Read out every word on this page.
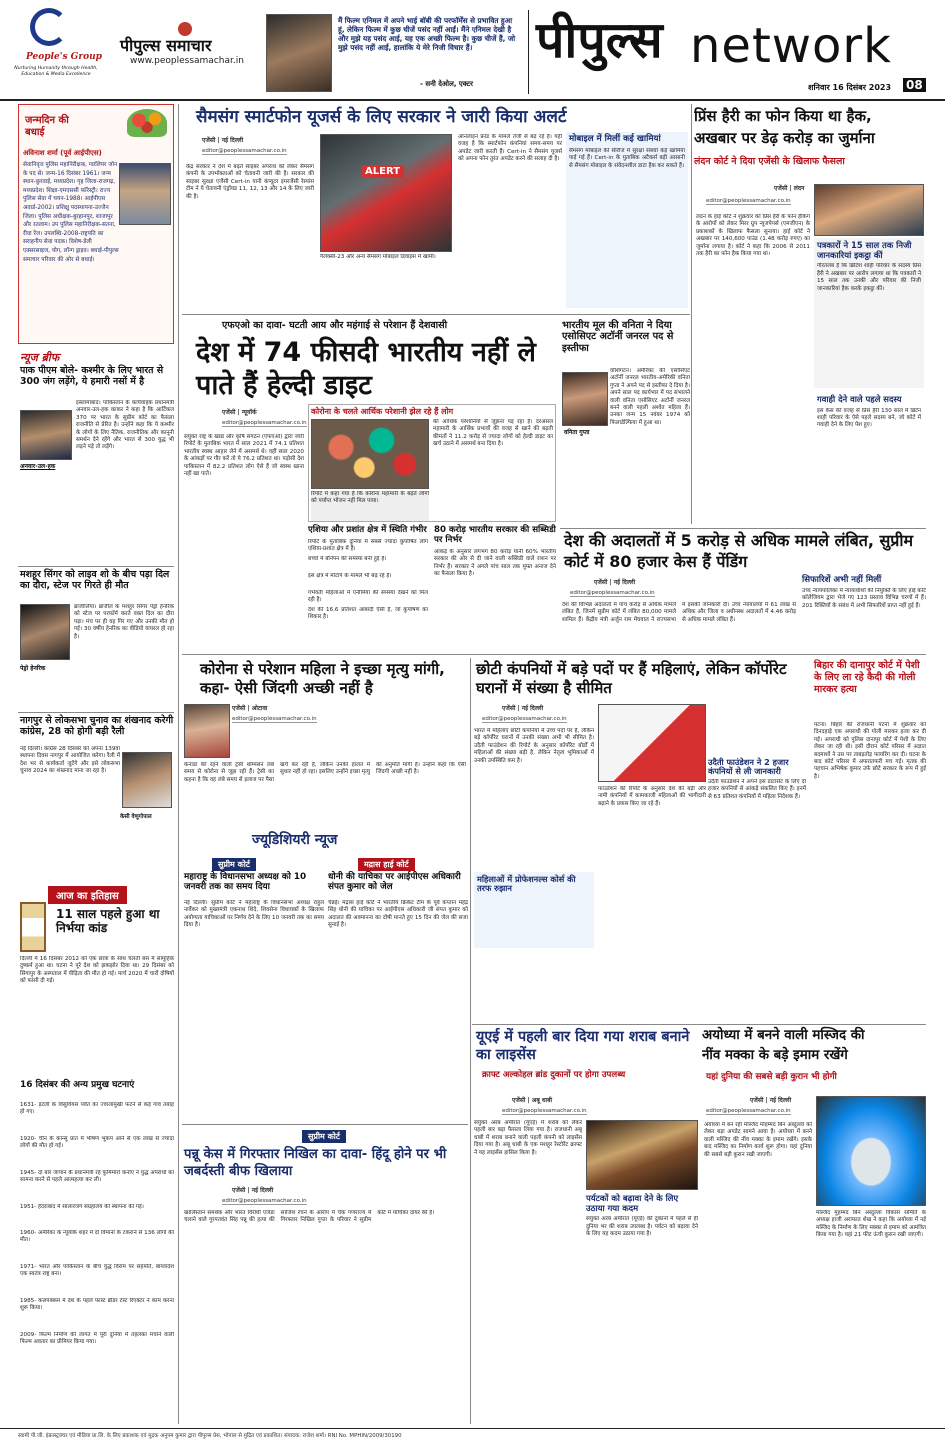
People's Group
Nurturing Humanity through Health, Education & Media Excellence
पीपुल्स समाचार
www.peoplessamachar.in
मैं फिल्म एनिमल में अपने भाई बॉबी की परफॉर्मेंस से प्रभावित हुआ हूं, लेकिन फिल्म में कुछ चीजें पसंद नहीं आईं। मैंने एनिमल देखी है और मुझे यह पसंद आई, यह एक अच्छी फिल्म है। कुछ चीजें हैं, जो मुझे पसंद नहीं आईं, हालांकि ये मेरे निजी विचार हैं।
- सनी देओल, एक्टर
पीपुल्स network
शनिवार 16 दिसंबर 2023 08
जन्मदिन की बधाई
अविनाश शर्मा (पूर्व आईपीएस)
सेवानिवृत्त पुलिस महानिरीक्षक, ग्वालियर जोन के पद से। जन्म-16 दिसंबर 1961। जन्म स्थान-कुरवाई, मध्यप्रदेश। गृह जिला-राजगढ़, मध्यप्रदेश। शिक्षा-एमएससी फॉरेस्ट्री। राज्य पुलिस सेवा में चयन-1988। आईपीएस अवार्ड-2002। प्रशिक्षु पदस्थापना-उज्जैन जिला। पुलिस अधीक्षक-बुरहानपुर, शाजापुर और रतलाम। उप पुलिस महानिरीक्षक-सतना, रीवा रेंज। उपलब्धि-2008-राष्ट्रपति का सराहनीय सेवा पदक। विशेष-डेली एक्सरसाइज, योग, लॉन्ग ड्राइव। बधाई-पीपुल्स समाचार परिवार की ओर से बधाई।
न्यूज ब्रीफ
पाक पीएम बोले- कश्मीर के लिए भारत से 300 जंग लड़ेंगे, ये हमारी नसों में है
इस्लामाबाद। पाकिस्तान के कार्यवाहक प्रधानमंत्री अनवार-उल-हक काकर ने कहा है कि आर्टिकल 370 पर भारत के सुप्रीम कोर्ट का फैसला राजनीति से प्रेरित है। उन्होंने कहा कि ये कश्मीर के लोगों के लिए नैतिक, राजनीतिक और कानूनी समर्थन देने रहेंगे और भारत से 300 युद्ध भी लड़ने पड़े तो लड़ेंगे।
अनवार-उल-हक
मशहूर सिंगर को लाइव शो के बीच पड़ा दिल का दौरा, स्टेज पर गिरते ही मौत
पेड्रो हेनरिक
ब्राजीलिया। ब्राजील के मशहूर सिंगर पेड्रो हेनरिक को स्टेज पर परफॉर्म करते वक्त दिल का दौरा पड़ा। मंच पर ही वह गिर गए और उनकी मौत हो गई। 30 वर्षीय हेनरिक का वीडियो वायरल हो रहा है।
नागपुर से लोकसभा चुनाव का शंखनाद करेगी कांग्रेस, 28 को होगी बड़ी रैली
नई दिल्ली। कांग्रेस 28 दिसंबर को अपना 139वां स्थापना दिवस नागपुर में आयोजित करेगा। रैली में देश भर से कार्यकर्ता जुटेंगे और इसे लोकसभा चुनाव 2024 का शंखनाद माना जा रहा है।
केसी वेणुगोपाल
आज का इतिहास
11 साल पहले हुआ था निर्भया कांड
दिल्ली में 16 दिसंबर 2012 को एक छात्रा के साथ चलती बस में सामूहिक दुष्कर्म हुआ था। घटना ने पूरे देश को झकझोर दिया था। 29 दिसंबर को सिंगापुर के अस्पताल में पीड़िता की मौत हो गई। मार्च 2020 में चारों दोषियों को फांसी दी गई।
16 दिसंबर की अन्य प्रमुख घटनाएं
1631- इटली के विसुवियस पर्वत का ज्वालामुखी फटने से कई गांव तबाह हो गए।
1920- चीन के कान्सु प्रांत में भीषण भूकंप आने से एक लाख से ज्यादा लोगों की मौत हो गई।
1945- दो बार जापान के प्रधानमंत्री रहे फुमिमारो कनोए ने युद्ध अपराधों का सामना करने से पहले आत्महत्या कर ली।
1951- हैदराबाद में सालारजंग संग्रहालय की स्थापना की गई।
1960- अमेरिका के न्यूयॉर्क शहर में दो विमानों के टकराने से 136 लोगों की मौत।
1971- भारत और पाकिस्तान के बीच युद्ध विराम पर सहमति, बांग्लादेश एक स्वतंत्र राष्ट्र बना।
1985- कलपक्कम में देश के पहले फास्ट ब्रीडर टेस्ट रिएक्टर ने काम करना शुरू किया।
2009- फिल्म निर्माण की लागत में पूरी दुनिया में तहलका मचाने वाली फिल्म अवतार का प्रीमियर किया गया।
सैमसंग स्मार्टफोन यूजर्स के लिए सरकार ने जारी किया अलर्ट
एजेंसी | नई दिल्ली
editor@peoplessamachar.co.in
केंद्र सरकार ने देश में बढ़ते साइबर अपराध को लेकर सैमसंग कंपनी के उपभोक्ताओं को चेतावनी जारी की है। सरकार की साइबर सुरक्षा एजेंसी Cert-in यानी कंप्यूटर इमरजेंसी रेस्पांस टीम ने ये चेतावनी एंड्रॉयड 11, 12, 13 और 14 के लिए जारी की है।
ALERT
गैलेक्सी-23 और अन्य सैमसंग मोबाइल डिवाइस में खामी।
ऑनलाइन फ्रॉड के मामले तेजी से बढ़ रहे हैं। यही वजह है कि स्मार्टफोन कंपनियां समय-समय पर अपडेट जारी करती हैं। Cert-in ने सैमसंग यूजर्स को अपना फोन तुरंत अपडेट करने की सलाह दी है।
मोबाइल में मिलीं कई खामियां
सैमसंग मोबाइल की सीरीज में सुरक्षा संबंधी कई खामियां पाई गई हैं। Cert-in के मुताबिक अटैकर्स बड़ी आसानी से सैमसंग मोबाइल के संवेदनशील डाटा हैक कर सकते हैं।
प्रिंस हैरी का फोन किया था हैक,
अखबार पर डेढ़ करोड़ का जुर्माना
लंदन कोर्ट ने दिया एजेंसी के खिलाफ फैसला
एजेंसी | लंदन
editor@peoplessamachar.co.in
लंदन के हाई कोर्ट ने शुक्रवार को प्रिंस हैरी के फोन हैकिंग के आरोपों को लेकर मिरर ग्रुप न्यूजपेपर्स (एमजीएन) के प्रकाशकों के खिलाफ फैसला सुनाया। हाई कोर्ट ने अखबार पर 140,600 पाउंड (1.48 करोड़ रुपए) का जुर्माना लगाया है। कोर्ट ने कहा कि 2006 से 2011 तक हैरी का फोन हैक किया गया था।
पत्रकारों ने 15 साल तक निजी जानकारियां इकट्ठा कीं
गौरतलब है कि ब्रिटिश शाही परिवार के सदस्य प्रिंस हैरी ने अखबार पर आरोप लगाया था कि पत्रकारों ने 15 साल तक उनकी और परिवार की निजी जानकारियां हैक करके इकट्ठा कीं।
गवाही देने वाले पहले सदस्य
इस केस की वजह से प्रिंस हैरी 130 साल में ब्रिटेन शाही परिवार के ऐसे पहले सदस्य बने, जो कोर्ट में गवाही देने के लिए पेश हुए।
एफएओ का दावा- घटती आय और महंगाई से परेशान हैं देशवासी
देश में 74 फीसदी भारतीय नहीं ले पाते हैं हेल्दी डाइट
एजेंसी | न्यूयॉर्क
editor@peoplessamachar.co.in
संयुक्त राष्ट्र के खाद्य और कृषि संगठन (एफएओ) द्वारा जारी रिपोर्ट के मुताबिक भारत में साल 2021 में 74.1 प्रतिशत भारतीय स्वस्थ आहार लेने में असमर्थ थे। वहीं साल 2020 के आंकड़ों पर गौर करें तो ये 76.2 प्रतिशत था। पड़ोसी देश पाकिस्तान में 82.2 प्रतिशत लोग ऐसे हैं जो स्वस्थ खाना नहीं खा पाते।
कोरोना के चलते आर्थिक परेशानी झेल रहे हैं लोग
रिपोर्ट में कहा गया है कि कोरोना महामारी के बढ़ते लोगों को पर्याप्त भोजन नहीं मिल पाया।
की आर्थिक परेशानियों से जूझना पड़ रहा है। दरअसल महामारी के आर्थिक प्रभावों की वजह से खाने की बढ़ती कीमतों ने 11.2 करोड़ से ज्यादा लोगों को हेल्दी डाइट का खर्च उठाने में असमर्थ बना दिया है।
एशिया और प्रशांत क्षेत्र में स्थिति गंभीर
रिपोर्ट के मुताबिक दुनिया में सबसे ज्यादा कुपोषित लोग एशिया-प्रशांत क्षेत्र में हैं।
बच्चों में बौनेपन की समस्या बनी हुई है।
इस क्षेत्र में मोटापे के मामले भी बढ़ रहे हैं।
गर्भवती महिलाओं में एनीमिया की समस्या देखने को मिल रही है।
देश की 16.6 प्रतिशत आबादी ऐसी है, जो कुपोषण का शिकार है।
80 करोड़ भारतीय सरकार की सब्सिडी पर निर्भर
आंकड़े के अनुसार लगभग 80 करोड़ यानी 60% भारतीय सरकार की ओर से दी जाने वाली सब्सिडी वाले राशन पर निर्भर हैं। सरकार ने अगले पांच साल तक मुफ्त अनाज देने का फैसला किया है।
भारतीय मूल की वनिता ने दिया एसोसिएट अटॉर्नी जनरल पद से इस्तीफा
वनिता गुप्ता
वॉशिंगटन। अमेरिका की एसोसिएट अटॉर्नी जनरल भारतीय-अमेरिकी वनिता गुप्ता ने अपने पद से इस्तीफा दे दिया है। अपने साल पद कार्यभार में पद संभालने वाली वनिता एसोसिएट अटॉर्नी जनरल बनने वाली पहली अश्वेत महिला हैं। उनका जन्म 15 नवंबर 1974 को फिलाडेल्फिया में हुआ था।
देश की अदालतों में 5 करोड़ से अधिक मामले लंबित, सुप्रीम कोर्ट में 80 हजार केस हैं पेंडिंग
एजेंसी | नई दिल्ली
editor@peoplessamachar.co.in
देश की विभिन्न अदालतों में पांच करोड़ से अधिक मामले लंबित हैं, जिनमें सुप्रीम कोर्ट में लंबित 80,000 मामले शामिल हैं। केंद्रीय मंत्री अर्जुन राम मेघवाल ने राज्यसभा में इसकी जानकारी दी। उच्च न्यायालयों में 61 लाख से अधिक और जिला व अधीनस्थ अदालतों में 4.46 करोड़ से अधिक मामले लंबित हैं।
सिफारिशें अभी नहीं मिलीं
उच्च न्यायपालिका में न्यायाधीशों की नियुक्ति के लिए हाई कोर्ट कॉलेजियम द्वारा भेजे गए 123 प्रस्ताव विभिन्न चरणों में हैं। 201 रिक्तियों के संबंध में अभी सिफारिशें प्राप्त नहीं हुई हैं।
कोरोना से परेशान महिला ने इच्छा मृत्यु मांगी, कहा- ऐसी जिंदगी अच्छी नहीं है
एजेंसी | ओटावा
editor@peoplessamachar.co.in
कनाडा की रहने वाली ट्रेसी थॉम्पसन लंबे समय से कोरोना से जूझ रही हैं। ट्रेसी का कहना है कि वह लंबे समय से इलाज पर पैसा खर्च कर रही हैं, लेकिन उनकी हालत में सुधार नहीं हो रहा। इसलिए उन्होंने इच्छा मृत्यु की अनुमति मांगी है। उन्होंने कहा कि ऐसी जिंदगी अच्छी नहीं है।
छोटी कंपनियों में बड़े पदों पर हैं महिलाएं, लेकिन कॉर्पोरेट घरानों में संख्या है सीमित
एजेंसी | नई दिल्ली
editor@peoplessamachar.co.in
भारत में महिलाएं छोटी कंपनियों में उच्च पदों पर हैं, लेकिन बड़े कॉर्पोरेट घरानों में उनकी संख्या अभी भी सीमित है। उदैती फाउंडेशन की रिपोर्ट के अनुसार कॉर्पोरेट बोर्डों में महिलाओं की संख्या बढ़ी है, लेकिन नेतृत्व भूमिकाओं में उनकी उपस्थिति कम है।
फाउंडेशन की रिपोर्ट के अनुसार देश की बड़ी और नामी कंपनियों में कामकाजी महिलाओं की भागीदारी बढ़ाने के प्रयास किए जा रहे हैं।
महिलाओं में प्रोफेशनल्स कोर्स की तरफ रुझान
उदैती फाउंडेशन ने 2 हजार कंपनियों से ली जानकारी
उदैती फाउंडेशन ने अपने इस डाटासेट के लिए दो हजार कंपनियों से आंकड़े संकलित किए हैं। इनमें से 63 प्रतिशत कंपनियों में महिला निदेशक हैं।
बिहार की दानापुर कोर्ट में पेशी के लिए ला रहे कैदी की गोली मारकर हत्या
पटना। बिहार की राजधानी पटना में शुक्रवार को दिनदहाड़े एक अपराधी की गोली मारकर हत्या कर दी गई। अपराधी को पुलिस दानापुर कोर्ट में पेशी के लिए लेकर जा रही थी। इसी दौरान कोर्ट परिसर में अज्ञात बदमाशों ने उस पर ताबड़तोड़ फायरिंग कर दी। घटना के बाद कोर्ट परिसर में अफरातफरी मच गई। मृतक की पहचान अभिषेक कुमार उर्फ छोटे सरकार के रूप में हुई है।
ज्यूडिशियरी न्यूज
सुप्रीम कोर्ट
महाराष्ट्र के विधानसभा अध्यक्ष को 10 जनवरी तक का समय दिया
नई दिल्ली। सुप्रीम कोर्ट ने महाराष्ट्र के विधानसभा अध्यक्ष राहुल नार्वेकर को मुख्यमंत्री एकनाथ शिंदे, शिवसेना विधायकों के खिलाफ अयोग्यता याचिकाओं पर निर्णय देने के लिए 10 जनवरी तक का समय दिया है।
मद्रास हाई कोर्ट
धोनी की याचिका पर आईपीएस अधिकारी संपत कुमार को जेल
चेन्नई। मद्रास हाई कोर्ट ने भारतीय क्रिकेट टीम के पूर्व कप्तान महेंद्र सिंह धोनी की याचिका पर आईपीएस अधिकारी जी संपत कुमार को अदालत की अवमानना का दोषी मानते हुए 15 दिन की जेल की सजा सुनाई है।
सुप्रीम कोर्ट
पन्नू केस में गिरफ्तार निखिल का दावा- हिंदू होने पर भी जबर्दस्ती बीफ खिलाया
एजेंसी | नई दिल्ली
editor@peoplessamachar.co.in
खालिस्तान समर्थक और भारत विरोधी एजेंडा चलाने वाले गुरपतवंत सिंह पन्नू की हत्या की साजिश रचने के आरोप में चेक गणराज्य में गिरफ्तार निखिल गुप्ता के परिवार ने सुप्रीम कोर्ट में याचिका दायर की है।
यूएई में पहली बार दिया गया शराब बनाने का लाइसेंस
क्राफ्ट अल्कोहल ब्रांड दुकानों पर होगा उपलब्ध
एजेंसी | अबू धाबी
editor@peoplessamachar.co.in
संयुक्त अरब अमीरात (यूएई) में शराब को लेकर पहली बार बड़ा फैसला लिया गया है। राजधानी अबू धाबी में शराब बनाने वाली पहली कंपनी को लाइसेंस दिया गया है। अबू धाबी के एक मशहूर रेस्टोरेंट क्राफ्ट ने यह लाइसेंस हासिल किया है।
पर्यटकों को बढ़ावा देने के लिए उठाया गया कदम
संयुक्त अरब अमीरात (यूएई) की दुकानों में पहले से ही दुनिया भर की शराब उपलब्ध है। पर्यटन को बढ़ावा देने के लिए यह कदम उठाया गया है।
अयोध्या में बनने वाली मस्जिद की
नींव मक्का के बड़े इमाम रखेंगे
यहां दुनिया की सबसे बड़ी कुरान भी होगी
एजेंसी | नई दिल्ली
editor@peoplessamachar.co.in
अयोध्या में बन रही मस्जिद मोहम्मद बिन अब्दुल्ला को लेकर बड़ा अपडेट सामने आया है। अयोध्या में बनने वाली मस्जिद की नींव मक्का के इमाम रखेंगे। इसके बाद मस्जिद का निर्माण कार्य शुरू होगा। यहां दुनिया की सबसे बड़ी कुरान रखी जाएगी।
मस्जिद मुहम्मद बिन अब्दुल्ला विकास समिति के अध्यक्ष हाजी अराफात शेख ने कहा कि अयोध्या में नई मस्जिद के निर्माण के लिए मक्का से इमाम को आमंत्रित किया गया है। यहां 21 फीट ऊंची कुरान रखी जाएगी।
स्वामी पी.जी. इंफ्रास्ट्रक्चर एवं मीडिया प्रा.लि. के लिए प्रकाशक एवं मुद्रक अनुपम कुमार द्वारा पीपुल्स प्रेस, भोपाल से मुद्रित एवं प्रकाशित। संपादक: राजेश शर्मा। RNI No. MPHIN/2009/30190
